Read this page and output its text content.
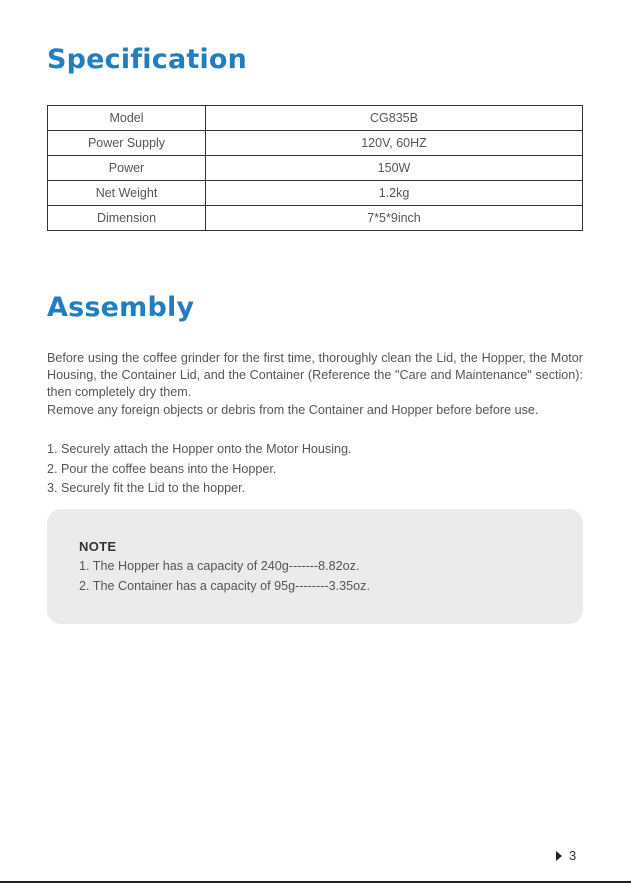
Specification
Model	CG835B
Power Supply	120V, 60HZ
Power	150W
Net Weight	1.2kg
Dimension	7*5*9inch
Assembly

Before using the coffee grinder for the first time, thoroughly clean the Lid, the Hopper, the Motor Housing, the Container Lid, and the Container (Reference the "Care and Maintenance" section): then completely dry them.

Remove any foreign objects or debris from the Container and Hopper before before use.

1. Securely attach the Hopper onto the Motor Housing.
2. Pour the coffee beans into the Hopper.
3. Securely fit the Lid to the hopper.
NOTE
1. The Hopper has a capacity of 240g-------8.82oz.
2. The Container has a capacity of 95g--------3.35oz.
3
